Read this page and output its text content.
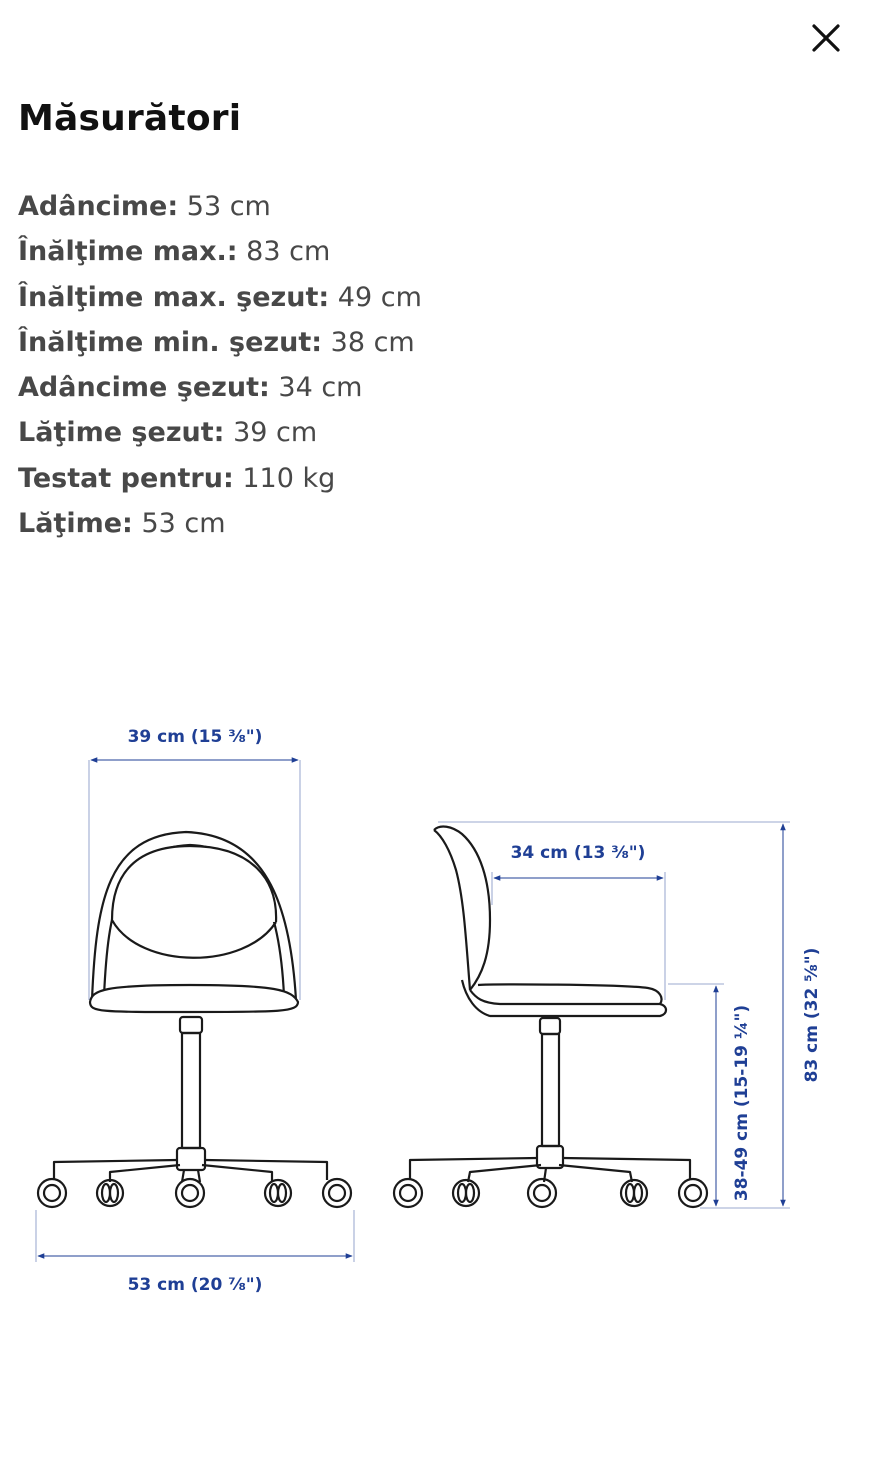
Măsurători
Adâncime: 53 cm
Înălţime max.: 83 cm
Înălţime max. şezut: 49 cm
Înălţime min. şezut: 38 cm
Adâncime şezut: 34 cm
Lăţime şezut: 39 cm
Testat pentru: 110 kg
Lăţime: 53 cm
39 cm (15 ⅜")
34 cm (13 ⅜")
53 cm (20 ⅞")
38-49 cm (15-19 ¼")	83 cm (32 ⅝")
